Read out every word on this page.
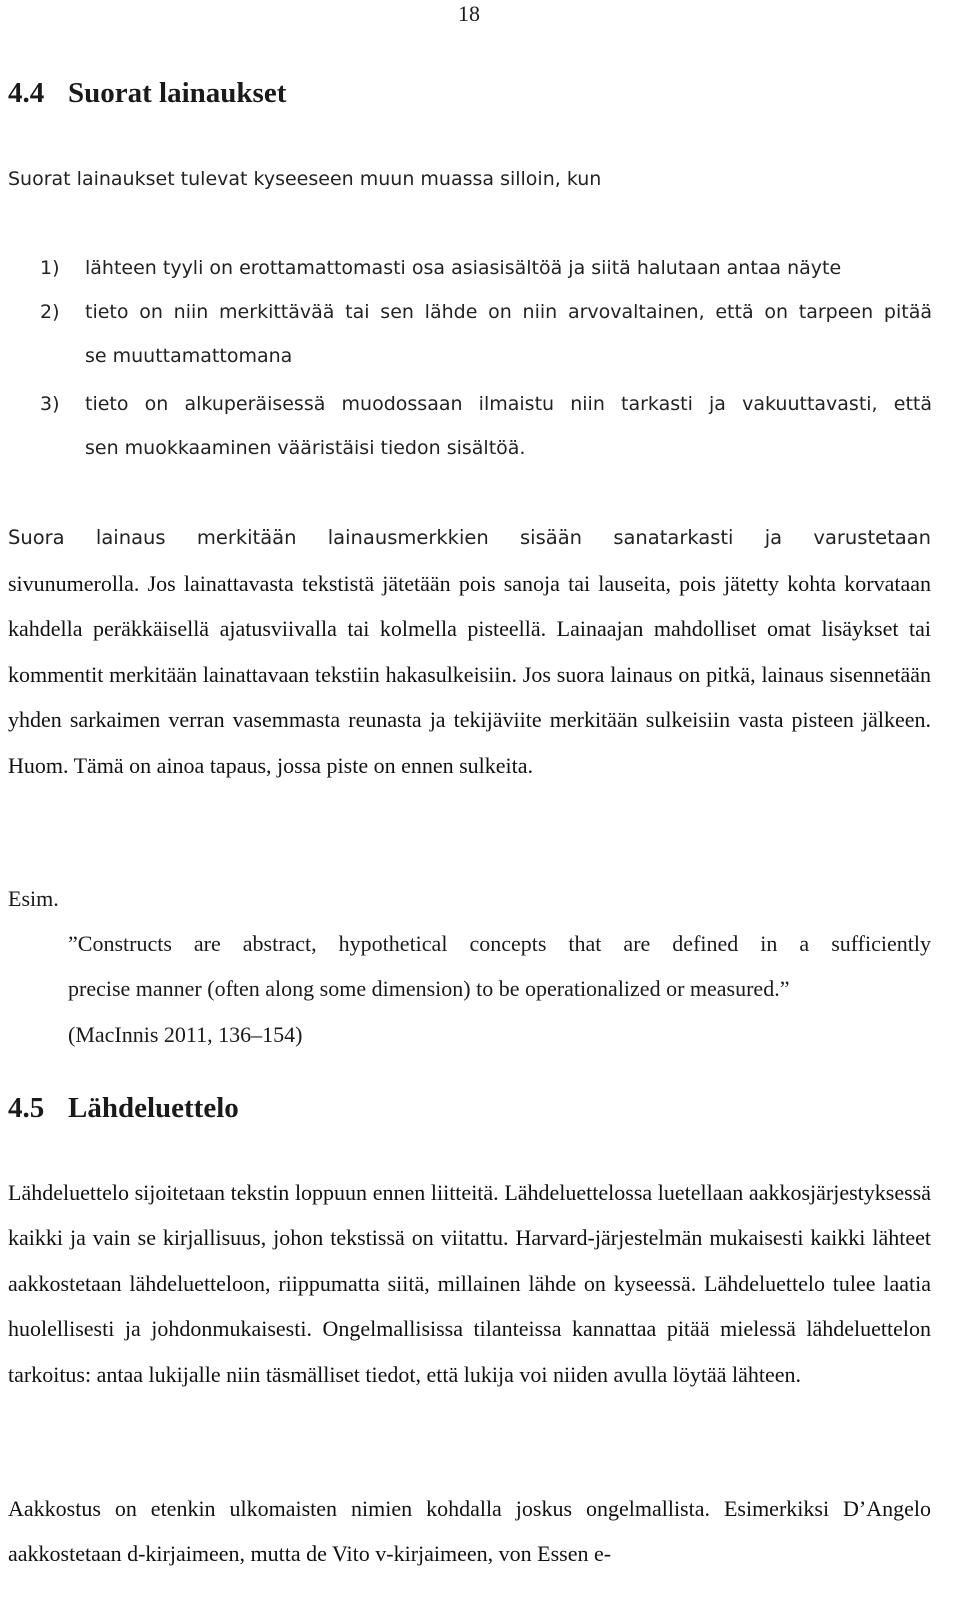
18
4.4 Suorat lainaukset
Suorat lainaukset tulevat kyseeseen muun muassa silloin, kun
1) lähteen tyyli on erottamattomasti osa asiasisältöä ja siitä halutaan antaa näyte
2) tieto on niin merkittävää tai sen lähde on niin arvovaltainen, että on tarpeen pitää
se muuttamattomana
3) tieto on alkuperäisessä muodossaan ilmaistu niin tarkasti ja vakuuttavasti, että
sen muokkaaminen vääristäisi tiedon sisältöä.
Suora lainaus merkitään lainausmerkkien sisään sanatarkasti ja varustetaan
sivunumerolla. Jos lainattavasta tekstistä jätetään pois sanoja tai lauseita, pois jätetty kohta korvataan kahdella peräkkäisellä ajatusviivalla tai kolmella pisteellä. Lainaajan mahdolliset omat lisäykset tai kommentit merkitään lainattavaan tekstiin hakasulkeisiin. Jos suora lainaus on pitkä, lainaus sisennetään yhden sarkaimen verran vasemmasta reunasta ja tekijäviite merkitään sulkeisiin vasta pisteen jälkeen. Huom. Tämä on ainoa tapaus, jossa piste on ennen sulkeita.
Esim.
”Constructs are abstract, hypothetical concepts that are defined in a sufficiently
precise manner (often along some dimension) to be operationalized or measured.”
(MacInnis 2011, 136–154)
4.5 Lähdeluettelo
Lähdeluettelo sijoitetaan tekstin loppuun ennen liitteitä. Lähdeluettelossa luetellaan aakkosjärjestyksessä kaikki ja vain se kirjallisuus, johon tekstissä on viitattu. Harvard-järjestelmän mukaisesti kaikki lähteet aakkostetaan lähdeluetteloon, riippumatta siitä, millainen lähde on kyseessä. Lähdeluettelo tulee laatia huolellisesti ja johdonmukaisesti. Ongelmallisissa tilanteissa kannattaa pitää mielessä lähdeluettelon tarkoitus: antaa lukijalle niin täsmälliset tiedot, että lukija voi niiden avulla löytää lähteen.
Aakkostus on etenkin ulkomaisten nimien kohdalla joskus ongelmallista. Esimerkiksi D’Angelo aakkostetaan d-kirjaimeen, mutta de Vito v-kirjaimeen, von Essen e-
